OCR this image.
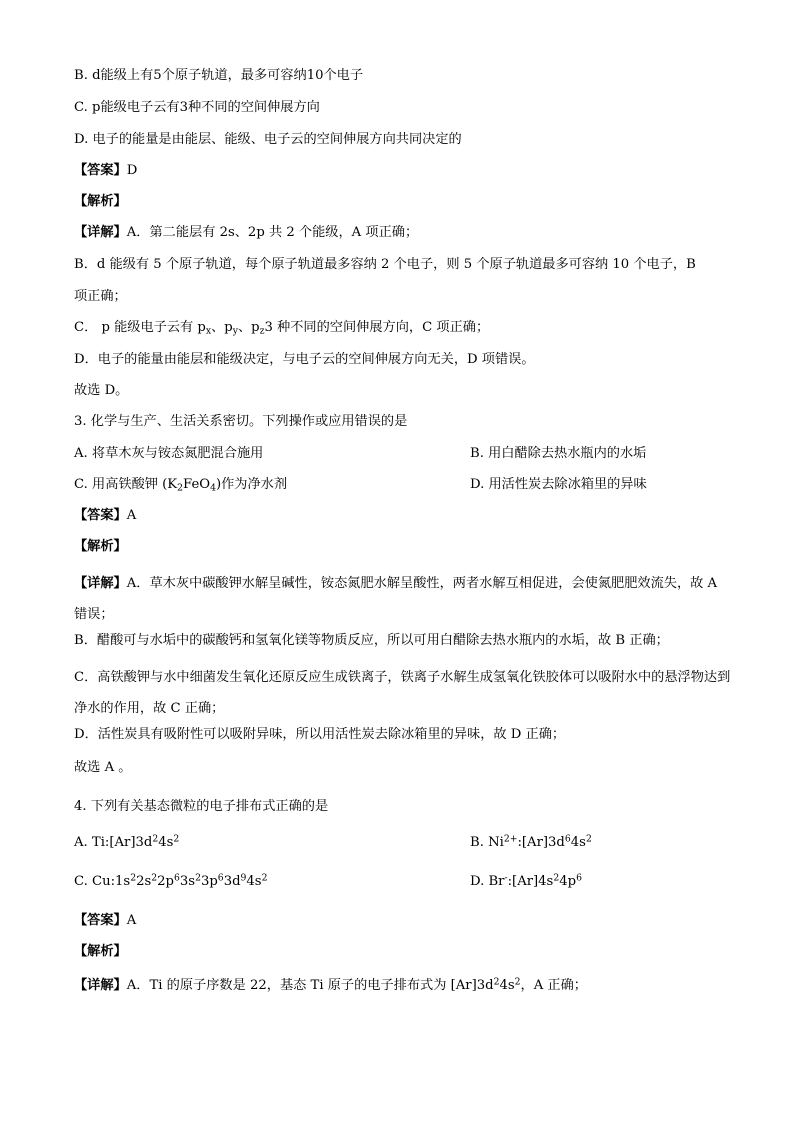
B. d能级上有5个原子轨道，最多可容纳10个电子
C. p能级电子云有3种不同的空间伸展方向
D. 电子的能量是由能层、能级、电子云的空间伸展方向共同决定的
【答案】D
【解析】
【详解】A．第二能层有 2s、2p 共 2 个能级，A 项正确；
B．d 能级有 5 个原子轨道，每个原子轨道最多容纳 2 个电子，则 5 个原子轨道最多可容纳 10 个电子，B
项正确；
C． p 能级电子云有 $p_x$、$p_y$、$p_z3$ 种不同的空间伸展方向，C 项正确；
D．电子的能量由能层和能级决定，与电子云的空间伸展方向无关，D 项错误。
故选 D。
3. 化学与生产、生活关系密切。下列操作或应用错误的是
A. 将草木灰与铵态氮肥混合施用	B. 用白醋除去热水瓶内的水垢
C. 用高铁酸钾 $(K_2FeO_4)$作为净水剂	D. 用活性炭去除冰箱里的异味
【答案】A
【解析】
【详解】A．草木灰中碳酸钾水解呈碱性，铵态氮肥水解呈酸性，两者水解互相促进，会使氮肥肥效流失，故 A 错误；
B．醋酸可与水垢中的碳酸钙和氢氧化镁等物质反应，所以可用白醋除去热水瓶内的水垢，故 B 正确；
C．高铁酸钾与水中细菌发生氧化还原反应生成铁离子，铁离子水解生成氢氧化铁胶体可以吸附水中的悬浮物达到净水的作用，故 C 正确；
D．活性炭具有吸附性可以吸附异味，所以用活性炭去除冰箱里的异味，故 D 正确；
故选 A 。
4. 下列有关基态微粒的电子排布式正确的是
A. $Ti:[Ar]3d^24s^2$	B. $Ni^{2+}:[Ar]3d^64s^2$
C. $Cu:1s^22s^22p^63s^23p^63d^94s^2$	D. $Br^-:[Ar]4s^24p^6$
【答案】A
【解析】
【详解】A．Ti 的原子序数是 22，基态 Ti 原子的电子排布式为 $[Ar]3d^24s^2$，A 正确；
